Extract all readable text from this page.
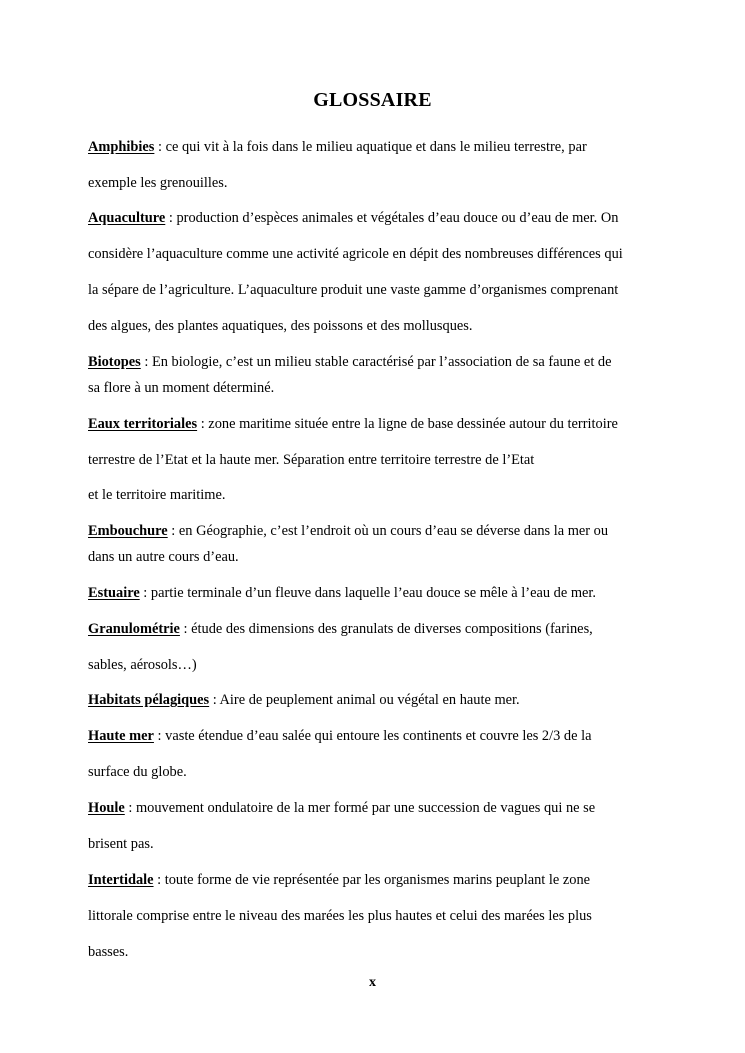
GLOSSAIRE
Amphibies : ce qui vit à la fois dans le milieu aquatique et dans le milieu terrestre, par
exemple les grenouilles.
Aquaculture : production d’espèces animales et végétales d’eau douce ou d’eau de mer. On
considère l’aquaculture comme une activité agricole en dépit des nombreuses différences qui
la sépare de l’agriculture. L’aquaculture produit une vaste gamme d’organismes comprenant
des algues, des plantes aquatiques, des poissons et des mollusques.
Biotopes : En biologie, c’est un milieu stable caractérisé par l’association de sa faune et de
sa flore à un moment déterminé.
Eaux territoriales : zone maritime située entre la ligne de base dessinée autour du territoire
terrestre de l’Etat et la haute mer. Séparation entre territoire terrestre de l’Etat
et le territoire maritime.
Embouchure : en Géographie, c’est l’endroit où un cours d’eau se déverse dans la mer ou
dans un autre cours d’eau.
Estuaire : partie terminale d’un fleuve dans laquelle l’eau douce se mêle à l’eau de mer.
Granulométrie : étude des dimensions des granulats de diverses compositions (farines,
sables, aérosols…)
Habitats pélagiques : Aire de peuplement animal ou végétal en haute mer.
Haute mer : vaste étendue d’eau salée qui entoure les continents et couvre les 2/3 de la
surface du globe.
Houle : mouvement ondulatoire de la mer formé par une succession de vagues qui ne se
brisent pas.
Intertidale : toute forme de vie représentée par les organismes marins peuplant le zone
littorale comprise entre le niveau des marées les plus hautes et celui des marées les plus
basses.
x
